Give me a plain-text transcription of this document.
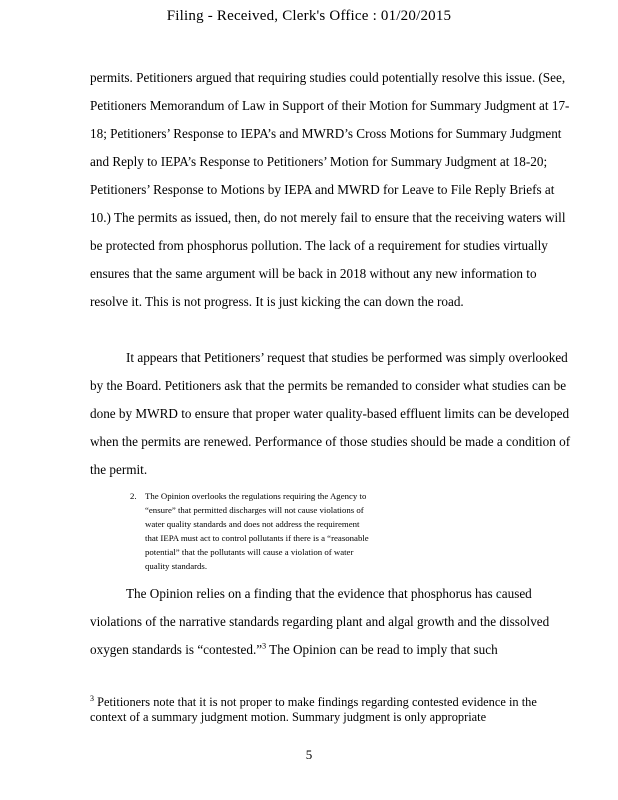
Filing - Received, Clerk's Office : 01/20/2015

permits. Petitioners argued that requiring studies could potentially resolve this issue. (See, Petitioners Memorandum of Law in Support of their Motion for Summary Judgment at 17-18; Petitioners’ Response to IEPA’s and MWRD’s Cross Motions for Summary Judgment and Reply to IEPA’s Response to Petitioners’ Motion for Summary Judgment at 18-20; Petitioners’ Response to Motions by IEPA and MWRD for Leave to File Reply Briefs at 10.) The permits as issued, then, do not merely fail to ensure that the receiving waters will be protected from phosphorus pollution. The lack of a requirement for studies virtually ensures that the same argument will be back in 2018 without any new information to resolve it. This is not progress. It is just kicking the can down the road.

It appears that Petitioners’ request that studies be performed was simply overlooked by the Board. Petitioners ask that the permits be remanded to consider what studies can be done by MWRD to ensure that proper water quality-based effluent limits can be developed when the permits are renewed. Performance of those studies should be made a condition of the permit.

2. The Opinion overlooks the regulations requiring the Agency to “ensure” that permitted discharges will not cause violations of water quality standards and does not address the requirement that IEPA must act to control pollutants if there is a “reasonable potential” that the pollutants will cause a violation of water quality standards.

The Opinion relies on a finding that the evidence that phosphorus has caused violations of the narrative standards regarding plant and algal growth and the dissolved oxygen standards is “contested.”$^3$ The Opinion can be read to imply that such

$^3$ Petitioners note that it is not proper to make findings regarding contested evidence in the context of a summary judgment motion. Summary judgment is only appropriate

5
